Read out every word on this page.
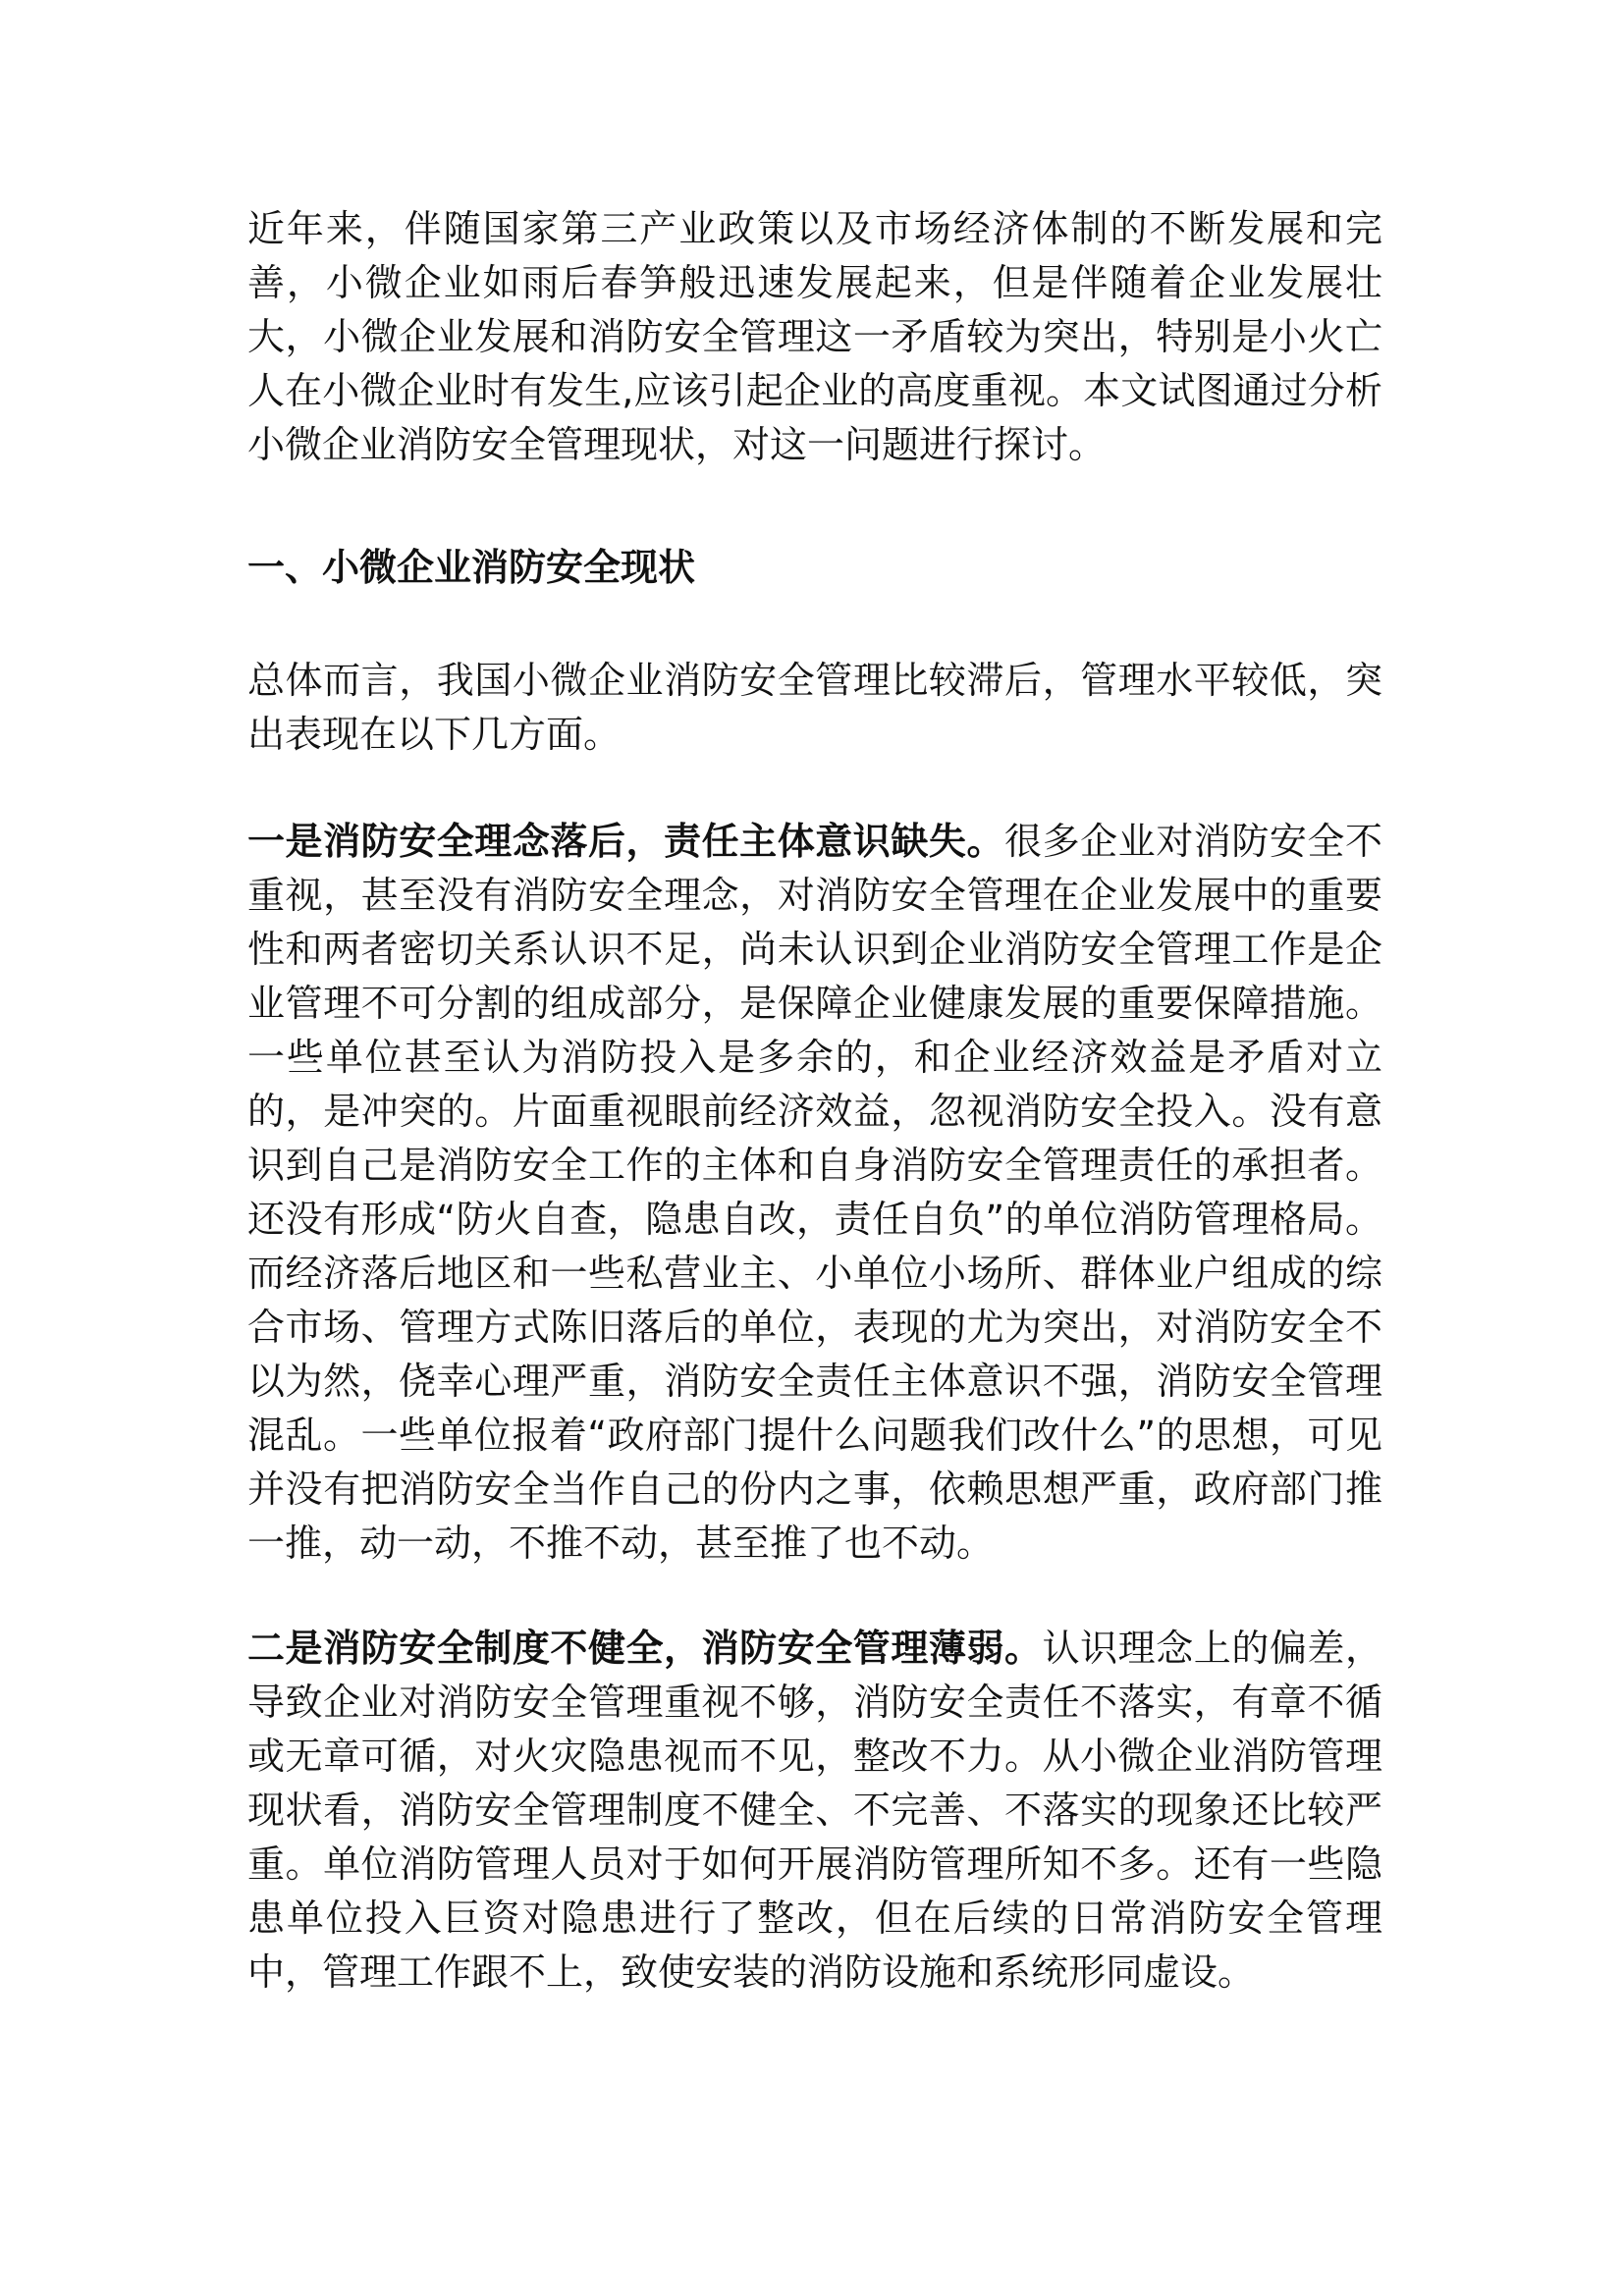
近年来，伴随国家第三产业政策以及市场经济体制的不断发展和完善，小微企业如雨后春笋般迅速发展起来，但是伴随着企业发展壮大，小微企业发展和消防安全管理这一矛盾较为突出，特别是小火亡人在小微企业时有发生,应该引起企业的高度重视。本文试图通过分析小微企业消防安全管理现状，对这一问题进行探讨。

一、小微企业消防安全现状

总体而言，我国小微企业消防安全管理比较滞后，管理水平较低，突出表现在以下几方面。

一是消防安全理念落后，责任主体意识缺失。很多企业对消防安全不重视，甚至没有消防安全理念，对消防安全管理在企业发展中的重要性和两者密切关系认识不足，尚未认识到企业消防安全管理工作是企业管理不可分割的组成部分，是保障企业健康发展的重要保障措施。一些单位甚至认为消防投入是多余的，和企业经济效益是矛盾对立的，是冲突的。片面重视眼前经济效益，忽视消防安全投入。没有意识到自己是消防安全工作的主体和自身消防安全管理责任的承担者。还没有形成“防火自查，隐患自改，责任自负”的单位消防管理格局。而经济落后地区和一些私营业主、小单位小场所、群体业户组成的综合市场、管理方式陈旧落后的单位，表现的尤为突出，对消防安全不以为然，侥幸心理严重，消防安全责任主体意识不强，消防安全管理混乱。一些单位报着“政府部门提什么问题我们改什么”的思想，可见并没有把消防安全当作自己的份内之事，依赖思想严重，政府部门推一推，动一动，不推不动，甚至推了也不动。

二是消防安全制度不健全，消防安全管理薄弱。认识理念上的偏差，导致企业对消防安全管理重视不够，消防安全责任不落实，有章不循或无章可循，对火灾隐患视而不见，整改不力。从小微企业消防管理现状看，消防安全管理制度不健全、不完善、不落实的现象还比较严重。单位消防管理人员对于如何开展消防管理所知不多。还有一些隐患单位投入巨资对隐患进行了整改，但在后续的日常消防安全管理中，管理工作跟不上，致使安装的消防设施和系统形同虚设。
